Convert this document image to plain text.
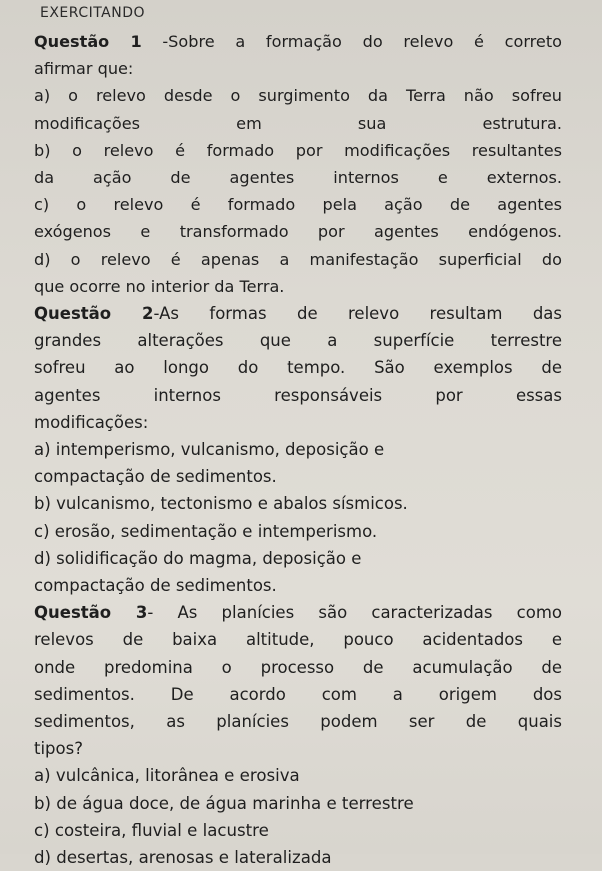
EXERCITANDO

Questão 1 -Sobre a formação do relevo é correto

afirmar que:

a) o relevo desde o surgimento da Terra não sofreu

modificações em sua estrutura.

b) o relevo é formado por modificações resultantes

da ação de agentes internos e externos.

c) o relevo é formado pela ação de agentes

exógenos e transformado por agentes endógenos.

d) o relevo é apenas a manifestação superficial do

que ocorre no interior da Terra.

Questão 2-As formas de relevo resultam das

grandes alterações que a superfície terrestre

sofreu ao longo do tempo. São exemplos de

agentes internos responsáveis por essas

modificações:

a) intemperismo, vulcanismo, deposição e

compactação de sedimentos.

b) vulcanismo, tectonismo e abalos sísmicos.

c) erosão, sedimentação e intemperismo.

d) solidificação do magma, deposição e

compactação de sedimentos.

Questão 3- As planícies são caracterizadas como

relevos de baixa altitude, pouco acidentados e

onde predomina o processo de acumulação de

sedimentos. De acordo com a origem dos

sedimentos, as planícies podem ser de quais

tipos?

a) vulcânica, litorânea e erosiva

b) de água doce, de água marinha e terrestre

c) costeira, fluvial e lacustre

d) desertas, arenosas e lateralizada
